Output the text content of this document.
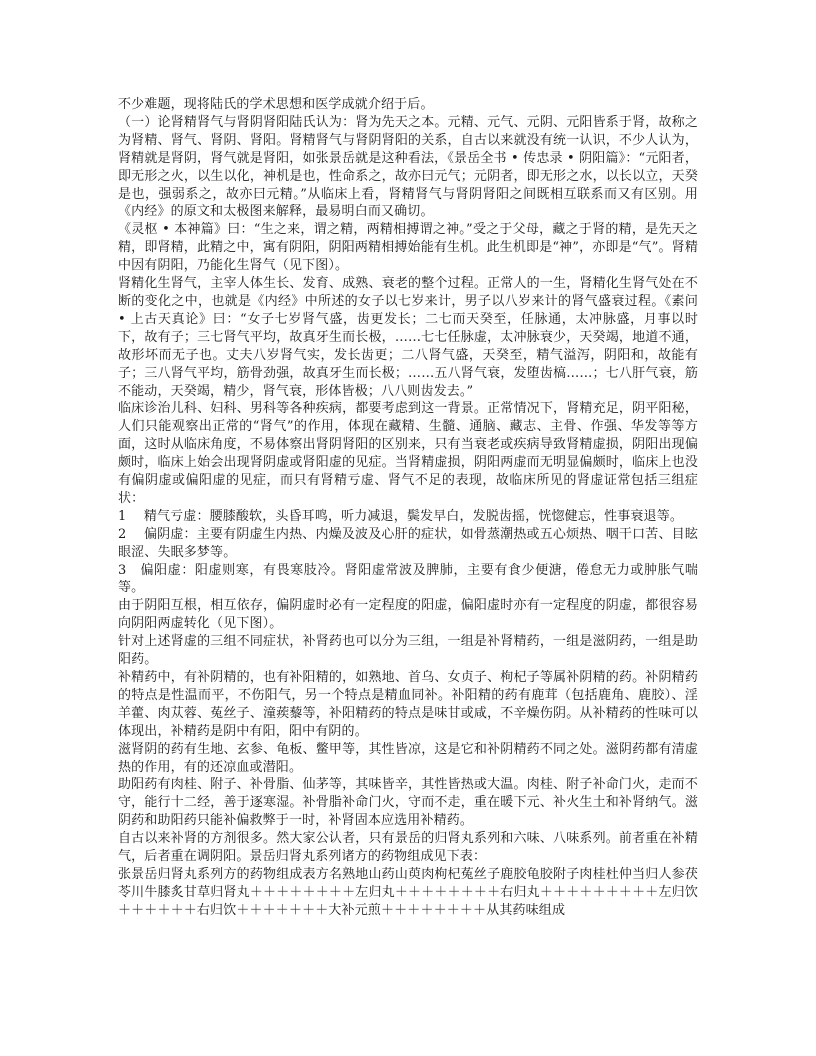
不少难题，现将陆氏的学术思想和医学成就介绍于后。

（一）论肾精肾气与肾阴肾阳陆氏认为：肾为先天之本。元精、元气、元阴、元阳皆系于肾，故称之为肾精、肾气、肾阴、肾阳。肾精肾气与肾阴肾阳的关系，自古以来就没有统一认识，不少人认为，肾精就是肾阴，肾气就是肾阳，如张景岳就是这种看法，《景岳全书 • 传忠录 • 阴阳篇》：“元阳者，即无形之火，以生以化，神机是也，性命系之，故亦曰元气；元阴者，即无形之水，以长以立，天癸是也，强弱系之，故亦曰元精。”从临床上看，肾精肾气与肾阴肾阳之间既相互联系而又有区别。用《内经》的原文和太极图来解释，最易明白而又确切。

《灵枢 • 本神篇》曰：“生之来，谓之精，两精相搏谓之神。”受之于父母，藏之于肾的精，是先天之精，即肾精，此精之中，寓有阴阳，阴阳两精相搏始能有生机。此生机即是“神”，亦即是“气”。肾精中因有阴阳，乃能化生肾气（见下图）。

肾精化生肾气，主宰人体生长、发育、成熟、衰老的整个过程。正常人的一生，肾精化生肾气处在不断的变化之中，也就是《内经》中所述的女子以七岁来计，男子以八岁来计的肾气盛衰过程。《素问 • 上古天真论》曰：“女子七岁肾气盛，齿更发长；二七而天癸至，任脉通，太冲脉盛，月事以时下，故有子；三七肾气平均，故真牙生而长极，……七七任脉虚，太冲脉衰少，天癸竭，地道不通，故形坏而无子也。丈夫八岁肾气实，发长齿更；二八肾气盛，天癸至，精气溢泻，阴阳和，故能有子；三八肾气平均，筋骨劲强，故真牙生而长极；……五八肾气衰，发堕齿槁……；七八肝气衰，筋不能动，天癸竭，精少，肾气衰，形体皆极；八八则齿发去。”

临床诊治儿科、妇科、男科等各种疾病，都要考虑到这一背景。正常情况下，肾精充足，阴平阳秘，人们只能观察出正常的“肾气”的作用，体现在藏精、生髓、通脑、藏志、主骨、作强、华发等等方面，这时从临床角度，不易体察出肾阴肾阳的区别来，只有当衰老或疾病导致肾精虚损，阴阳出现偏颇时，临床上始会出现肾阴虚或肾阳虚的见症。当肾精虚损，阴阳两虚而无明显偏颇时，临床上也没有偏阴虚或偏阳虚的见症，而只有肾精亏虚、肾气不足的表现，故临床所见的肾虚证常包括三组症状：

1　 精气亏虚：腰膝酸软，头昏耳鸣，听力减退，鬓发早白，发脱齿摇，恍惚健忘，性事衰退等。

2　 偏阴虚：主要有阴虚生内热、内燥及波及心肝的症状，如骨蒸潮热或五心烦热、咽干口苦、目眩眼涩、失眠多梦等。

3　偏阳虚：阳虚则寒，有畏寒肢冷。肾阳虚常波及脾肺，主要有食少便溏，倦怠无力或肿胀气喘等。

由于阴阳互根，相互依存，偏阴虚时必有一定程度的阳虚，偏阳虚时亦有一定程度的阴虚，都很容易向阴阳两虚转化（见下图）。

针对上述肾虚的三组不同症状，补肾药也可以分为三组，一组是补肾精药，一组是滋阴药，一组是助阳药。

补精药中，有补阴精的，也有补阳精的，如熟地、首乌、女贞子、枸杞子等属补阴精的药。补阴精药的特点是性温而平，不伤阳气，另一个特点是精血同补。补阳精的药有鹿茸（包括鹿角、鹿胶）、淫羊藿、肉苁蓉、菟丝子、潼蒺藜等，补阳精药的特点是味甘或咸，不辛燥伤阴。从补精药的性味可以体现出，补精药是阴中有阳，阳中有阴的。

滋肾阴的药有生地、玄参、龟板、鳖甲等，其性皆凉，这是它和补阴精药不同之处。滋阴药都有清虚热的作用，有的还凉血或潜阳。

助阳药有肉桂、附子、补骨脂、仙茅等，其味皆辛，其性皆热或大温。肉桂、附子补命门火，走而不守，能行十二经，善于逐寒湿。补骨脂补命门火，守而不走，重在暖下元、补火生土和补肾纳气。滋阴药和助阳药只能补偏救弊于一时，补肾固本应选用补精药。

自古以来补肾的方剂很多。然大家公认者，只有景岳的归肾丸系列和六味、八味系列。前者重在补精气，后者重在调阴阳。景岳归肾丸系列诸方的药物组成见下表：

张景岳归肾丸系列方的药物组成表方名熟地山药山萸肉枸杞菟丝子鹿胶龟胶附子肉桂杜仲当归人参茯苓川牛膝炙甘草归肾丸＋＋＋＋＋＋＋＋左归丸＋＋＋＋＋＋＋＋右归丸＋＋＋＋＋＋＋＋＋左归饮＋＋＋＋＋＋右归饮＋＋＋＋＋＋＋大补元煎＋＋＋＋＋＋＋＋从其药味组成
